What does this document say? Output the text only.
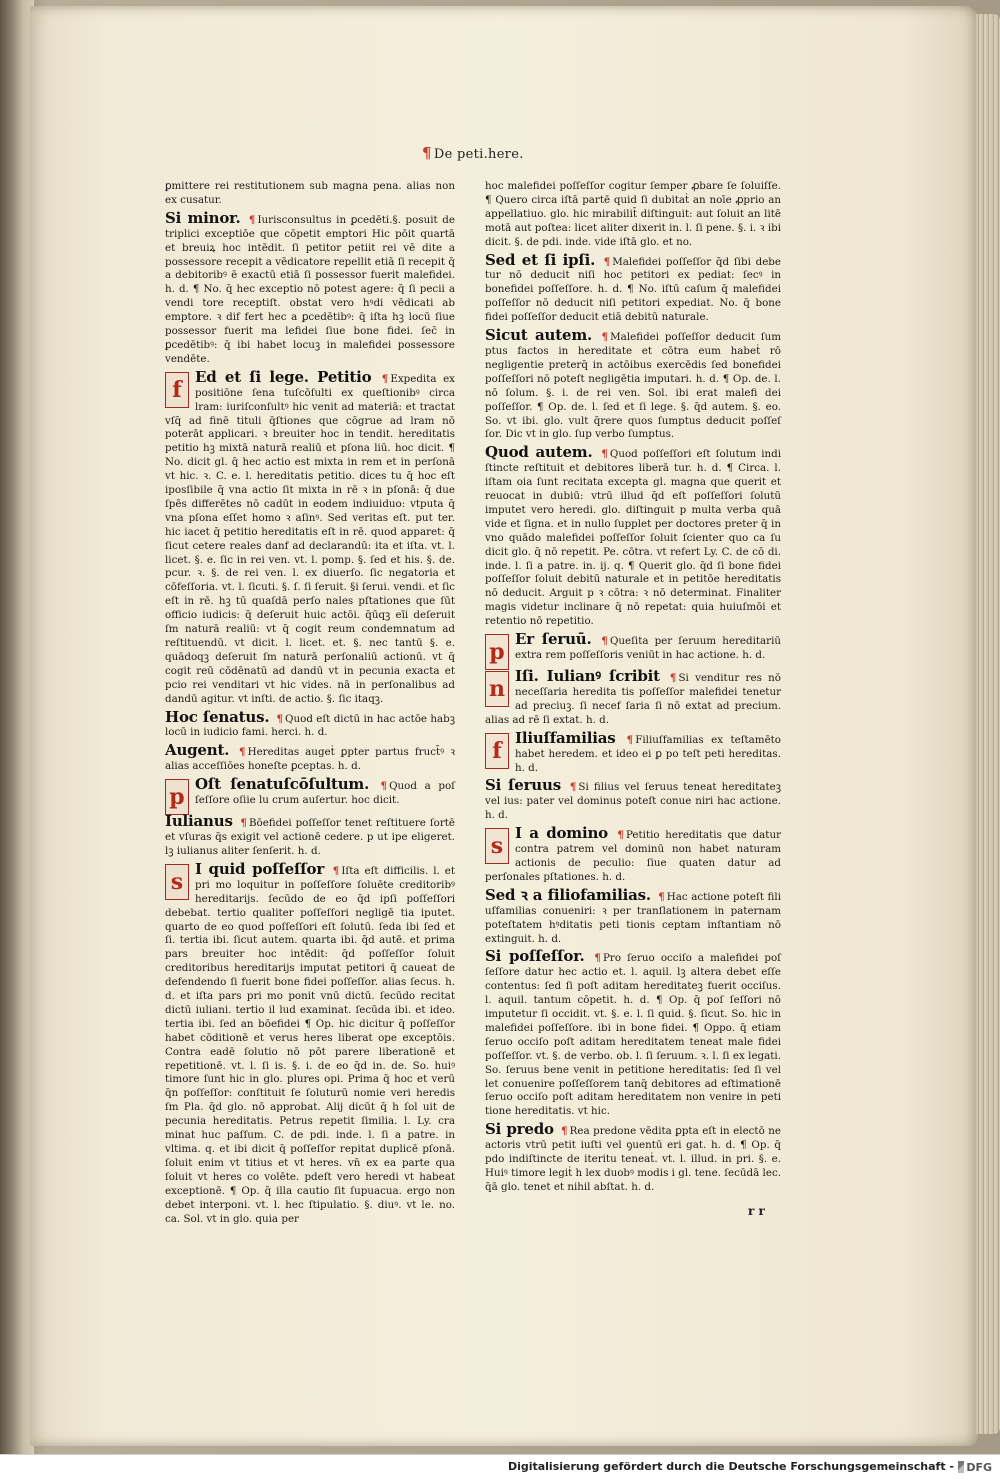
¶ De peti.here.

ꝑmittere rei restitutionem sub magna pena. alias non ex cusatur.

Si minor. ¶ Iurisconsultus in ꝑcedēti.§. posuit de triplici exceptiōe que cōpetit emptori Hic pōit quartā et breuiꝝ hoc intēdit. ſi petitor petiit rei vē dite a possessore recepit a vēdicatore repellit etiā ſi recepit q̄ a debitoribꝰ ē exactū etiā ſi possessor fuerit malefidei. h. d. ¶ No. q̄ hec exceptio nō potest agere: q̄ ſi pecii a vendi tore receptiſt. obstat vero hꝰdi vēdicati ab emptore. ꝛ dif fert hec a ꝑcedētibꝰ: q̄ iſta hꝫ locū ſiue possessor fuerit ma lefidei ſiue bone fidei. ſec̄ in ꝑcedētibꝰ: q̄ ibi habet locuꝫ in malefidei possessore vendēte.

f Ed et ſi lege. Petitio ¶ Expedita ex positiōne ſena tuſcōſulti ex queſtionibꝰ circa lram: iuriſconſultꝰ hic venit ad materiā: et tractat vſq̄ ad finē tituli q̄ſtiones que cōgrue ad lram nō poterāt applicari. ꝛ breuiter hoc in tendit. hereditatis petitio hꝫ mixtā naturā realiū et pſona liū. hoc dicit. ¶ No. dicit gl. q̄ hec actio est mixta in rem et in perſonā vt hic. ꝛ. C. e. l. hereditatis petitio. dices tu q̄ hoc eſt iposſibile q̄ vna actio ſit mixta in rē ꝛ in pſonā: q̄ due ſpēs differētes nō cadūt in eodem indiuiduo: vtputa q̄ vna pſona eſſet homo ꝛ aſinꝰ. Sed veritas eſt. put ter. hic iacet q̄ petitio hereditatis eſt in rē. quod apparet: q̄ ſicut cetere reales danf ad declarandū: ita et iſta. vt. l. licet. §. e. ſic in rei ven. vt. l. pomp. §. ſed et his. §. de. pcur. ꝛ. §. de rei ven. l. ex diuerſo. ſic negatoria et cōfeſſoria. vt. l. ſicuti. §. ſ. ſi ſeruit. §i ſerui. vendi. et ſic eſt in rē. hꝫ tū quaſdā perſo nales pſtationes que ſūt officio iudicis: q̄ deſeruit huic actōi. q̄ūqꝫ eīi deſeruit ſm naturā realiū: vt q̄ cogit reum condemnatum ad reſtituendū. vt dicit. l. licet. et. §. nec tantū §. e. quādoqꝫ deſeruit ſm naturā perſonaliū actionū. vt q̄ cogit reū cōdēnatū ad dandū vt in pecunia exacta et pcio rei venditari vt hic vides. nā in perſonalibus ad dandū agitur. vt inſti. de actio. §. ſic itaqꝫ.

Hoc ſenatus. ¶ Quod eſt dictū in hac actōe habꝫ locū in iudicio fami. herci. h. d.

Augent. ¶ Hereditas augeṫ ꝑpter partus fruct̄ꝰ ꝛ alias acceſſiōes honeſte ꝑceptas. h. d.

p Oſt ſenatuſcōſultum. ¶ Quod a poſ ſeſſore oſiie lu crum auſertur. hoc dicit.

Iulianus ¶ Bōefidei poſſeſſor tenet reſtituere ſortē et vſuras q̄s exigit vel actionē cedere. p ut ipe eligeret. lꝫ iulianus aliter ſenſerit. h. d.

s I quid poſſeſſor ¶ Iſta eſt difficilis. l. et pri mo loquitur in poſſeſſore ſoluēte creditoribꝰ hereditarijs. ſecūdo de eo q̄d ipſi poſſeſſori debebat. tertio qualiter poſſeſſori negligē tia iputet. quarto de eo quod poſſeſſori eſt ſolutū. ſeda ibi ſed et ſi. tertia ibi. ſicut autem. quarta ibi. q̄d autē. et prima pars breuiter hoc intēdit: q̄d poſſeſſor ſoluit creditoribus hereditarijs imputat petitori q̄ caueat de defendendo ſi fuerit bone fidei poſſeſſor. alias ſecus. h. d. et iſta pars pri mo ponit vnū dictū. ſecūdo recitat dictū iuliani. tertio il lud examinat. ſecūda ibi. et ideo. tertia ibi. ſed an bōefidei ¶ Op. hic dicitur q̄ poſſeſſor habet cōditionē et verus heres liberat ope exceptōis. Contra eadē ſolutio nō pōt parere liberationē et repetitionē. vt. l. ſi is. §. i. de eo q̄d in. de. So. huiꝰ timore ſunt hic in glo. plures opi. Prima q̄ hoc et verū q̄n poſſeſſor: conſtituit ſe ſoluturū nomie veri heredis ſm Pla. q̄d glo. nō approbat. Alij dicūt q̄ h ſol uit de pecunia hereditatis. Petrus repetit ſimilia. l. Ly. cra minat huc paſſum. C. de pdi. inde. l. ſi a patre. in vltima. q. et ibi dicit q̄ poſſeſſor repitat duplicē pſonā. ſoluit enim vt titius et vt heres. vn̄ ex ea parte qua ſoluit vt heres co volēte. pdeſt vero heredi vt habeat exceptionē. ¶ Op. q̄ illa cautio ſit ſupuacua. ergo non debet interponi. vt. l. hec ſtipulatio. §. diuꝰ. vt le. no. ca. Sol. vt in glo. quia per

hoc malefidei poſſeſſor cogitur ſemper ꝓbare ſe ſoluiſſe. ¶ Quero circa iſtā partē quid ſi dubitaṫ an noīe ꝓprio an appellatiuo. glo. hic mirabilit̄ diſtinguit: aut ſoluit an litē motā aut poſtea: licet aliter dixerit in. l. ſi pene. §. i. ꝛ ibi dicit. §. de pdi. inde. vide iſtā glo. et no.

Sed et ſi ipſi. ¶ Malefidei poſſeſſor q̄d ſibi debe tur nō deducit niſi hoc petitori ex pediat: ſecꝰ in bonefidei poſſeſſore. h. d. ¶ No. iſtū caſum q̄ malefidei poſſeſſor nō deducit niſi petitori expediat. No. q̄ bone fidei poſſeſſor deducit etiā debitū naturale.

Sicut autem. ¶ Malefidei poſſeſſor deducit ſum ptus factos in hereditate et cōtra eum habeṫ rō negligentie preterq̄ in actōibus exercēdis ſed bonefidei poſſeſſori nō poteſt negligētia imputari. h. d. ¶ Op. de. l. nō ſolum. §. i. de rei ven. Sol. ibi erat malefi dei poſſeſſor. ¶ Op. de. l. ſed et ſi lege. §. q̄d autem. §. eo. So. vt ibi. glo. vult q̄rere quos ſumptus deducit poſſeſ ſor. Dic vt in glo. ſup verbo ſumptus.

Quod autem. ¶ Quod poſſeſſori eſt ſolutum indi ſtincte reſtituit et debitores liberā tur. h. d. ¶ Circa. l. iſtam oia ſunt recitata excepta gl. magna que querit et reuocat in dubiū: vtrū illud q̄d eſt poſſeſſori ſolutū imputet vero heredi. glo. diſtinguit p multa verba quā vide et ſigna. et in nullo ſupplet per doctores preter q̄ in vno quādo malefidei poſſeſſor ſoluit ſcienter quo ca ſu dicit glo. q̄ nō repetit. Pe. cōtra. vt refert Ly. C. de cō di. inde. l. ſi a patre. in. ij. q. ¶ Querit glo. q̄d ſi bone fidei poſſeſſor ſoluit debitū naturale et in petitōe hereditatis nō deducit. Arguit p ꝛ cōtra: ꝛ nō determinat. Finaliter magis videtur inclinare q̄ nō repetat: quia huiuſmōi et retentio nō repetitio.

p Er ſeruū. ¶ Queſita per ſeruum hereditariū extra rem poſſeſſoris veniūt in hac actione. h. d.

n Iſi. Iulianꝰ ſcribit ¶ Si venditur res nō neceſſaria heredita tis poſſeſſor malefidei tenetur ad preciuꝫ. ſi necef ſaria ſi nō extat ad precium. alias ad rē ſi extat. h. d.

f Iliuſfamilias ¶ Filiuſfamilias ex teſtamēto habet heredem. et ideo ei ꝑ po teſt peti hereditas. h. d.

Si ſeruus ¶ Si filius vel ſeruus teneat hereditateꝫ vel ius: pater vel dominus poteſt conue niri hac actione. h. d.

s I a domino ¶ Petitio hereditatis que datur contra patrem vel dominū non habet naturam actionis de peculio: ſiue quaten datur ad perſonales pſtationes. h. d.

Sed ꝛ a filiofamilias. ¶ Hac actione poteſt fili uſfamilias conueniri: ꝛ per tranſlationem in paternam poteſtatem hꝰditatis peti tionis ceptam inſtantiam nō extinguit. h. d.

Si poſſeſſor. ¶ Pro ſeruo occiſo a malefidei poſ ſeſſore datur hec actio et. l. aquil. lꝫ altera debet eſſe contentus: ſed ſi poſt aditam hereditateꝫ fuerit occiſus. l. aquil. tantum cōpetit. h. d. ¶ Op. q̄ poſ ſeſſori nō imputetur ſi occidit. vt. §. e. l. ſi quid. §. ſicut. So. hic in malefidei poſſeſſore. ibi in bone fidei. ¶ Oppo. q̄ etiam ſeruo occiſo poſt aditam hereditatem teneat male fidei poſſeſſor. vt. §. de verbo. ob. l. ſi ſeruum. ꝛ. l. ſi ex legati. So. ſeruus bene venit in petitione hereditatis: ſed ſi vel let conuenire poſſeſſorem tanq̄ debitores ad eſtimationē ſeruo occiſo poſt aditam hereditatem non venire in peti tione hereditatis. vt hic.

Si predo ¶ Rea predone vēdita ꝑpta eſt in electō ne actoris vtrū petit iuſti vel ꝯuentū eri gat. h. d. ¶ Op. q̄ pdo indiſtincte de iteritu teneaṫ. vt. l. illud. in pri. §. e. Huiꝰ timore legiṫ h lex duobꝰ modis i gl. tene. ſecūdā lec. q̄ā glo. tenet et nihil abſtat. h. d.

r r
Digitalisierung gefördert durch die Deutsche Forschungsgemeinschaft - DFG
